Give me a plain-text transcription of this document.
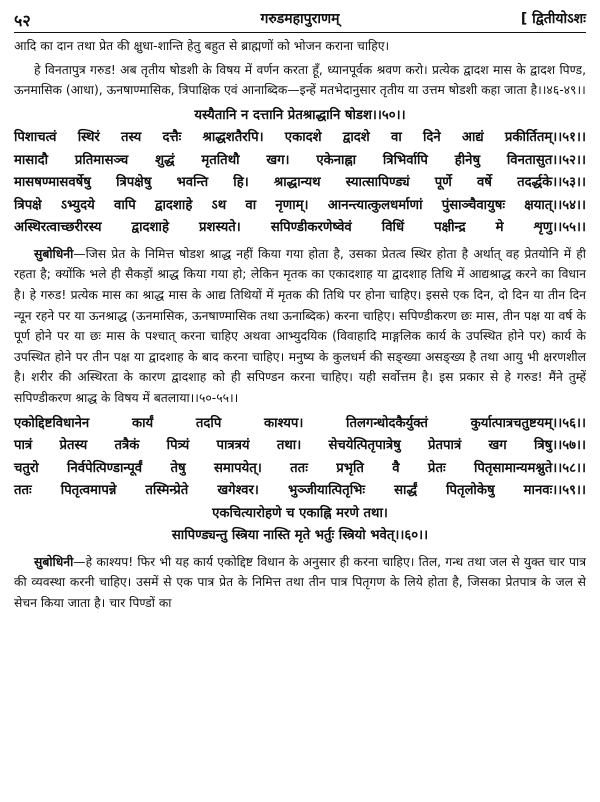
५२	गरुडमहापुराणम्	[ द्वितीयोऽशः

आदि का दान तथा प्रेत की क्षुधा-शान्ति हेतु बहुत से ब्राह्मणों को भोजन कराना चाहिए।

हे विनतापुत्र गरुड! अब तृतीय षोडशी के विषय में वर्णन करता हूँ, ध्यानपूर्वक श्रवण करो। प्रत्येक द्वादश मास के द्वादश पिण्ड, ऊनमासिक (आधा), ऊनषाण्मासिक, त्रिपाक्षिक एवं आनाब्दिक—इन्हें मतभेदानुसार तृतीय या उत्तम षोडशी कहा जाता है।।४६-४९।।

यस्यैतानि न दत्तानि प्रेतश्राद्धानि षोडश।।५०।।

पिशाचत्वं स्थिरं तस्य दत्तैः श्राद्धशतैरपि। एकादशे द्वादशे वा दिने आद्यं प्रकीर्तितम्।।५१।।

मासादौ प्रतिमासञ्च शुद्धं मृततिथौ खग। एकेनाह्ना त्रिभिर्वापि हीनेषु विनतासुत।।५२।।

मासषण्मासवर्षेषु त्रिपक्षेषु भवन्ति हि। श्राद्धान्यथ स्यात्सापिण्ड्यं पूर्णे वर्षे तदर्द्धके।।५३।।

त्रिपक्षे ऽभ्युदये वापि द्वादशाहे ऽथ वा नृणाम्। आनन्त्यात्कुलधर्माणां पुंसाञ्चैवायुषः क्षयात्।।५४।।

अस्थिरत्वाच्छरीरस्य द्वादशाहे प्रशस्यते। सपिण्डीकरणेष्वेवं विधिं पक्षीन्द्र मे शृणु।।५५।।

सुबोधिनी—जिस प्रेत के निमित्त षोडश श्राद्ध नहीं किया गया होता है, उसका प्रेतत्व स्थिर होता है अर्थात् वह प्रेतयोनि में ही रहता है; क्योंकि भले ही सैकड़ों श्राद्ध किया गया हो; लेकिन मृतक का एकादशाह या द्वादशाह तिथि में आद्यश्राद्ध करने का विधान है। हे गरुड! प्रत्येक मास का श्राद्ध मास के आद्य तिथियों में मृतक की तिथि पर होना चाहिए। इससे एक दिन, दो दिन या तीन दिन न्यून रहने पर या ऊनश्राद्ध (ऊनमासिक, ऊनषाण्मासिक तथा ऊनाब्दिक) करना चाहिए। सपिण्डीकरण छः मास, तीन पक्ष या वर्ष के पूर्ण होने पर या छः मास के पश्चात् करना चाहिए अथवा आभ्युदयिक (विवाहादि माङ्गलिक कार्य के उपस्थित होने पर) कार्य के उपस्थित होने पर तीन पक्ष या द्वादशाह के बाद करना चाहिए। मनुष्य के कुलधर्म की सङ्ख्या असङ्ख्य है तथा आयु भी क्षरणशील है। शरीर की अस्थिरता के कारण द्वादशाह को ही सपिण्डन करना चाहिए। यही सर्वोत्तम है। इस प्रकार से हे गरुड! मैंने तुम्हें सपिण्डीकरण श्राद्ध के विषय में बतलाया।।५०-५५।।

एकोद्दिष्टविधानेन कार्यं तदपि काश्यप। तिलगन्धोदकैर्युक्तं कुर्यात्पात्रचतुष्टयम्।।५६।।

पात्रं प्रेतस्य तत्रैकं पित्र्यं पात्रत्रयं तथा। सेचयेत्पितृपात्रेषु प्रेतपात्रं खग त्रिषु।।५७।।

चतुरो निर्वपेत्पिण्डान्पूर्वं तेषु समापयेत्। ततः प्रभृति वै प्रेतः पितृसामान्यमश्नुते।।५८।।

ततः पितृत्वमापन्ने तस्मिन्प्रेते खगेश्वर। भुञ्जीयात्पितृभिः सार्द्धं पितृलोकेषु मानवः।।५९।।

एकचित्यारोहणे च एकाह्नि मरणे तथा।

सापिण्ड्यन्तु स्त्रिया नास्ति मृते भर्तुः स्त्रियो भवेत्।।६०।।

सुबोधिनी—हे काश्यप! फिर भी यह कार्य एकोद्दिष्ट विधान के अनुसार ही करना चाहिए। तिल, गन्ध तथा जल से युक्त चार पात्र की व्यवस्था करनी चाहिए। उसमें से एक पात्र प्रेत के निमित्त तथा तीन पात्र पितृगण के लिये होता है, जिसका प्रेतपात्र के जल से सेचन किया जाता है। चार पिण्डों का
